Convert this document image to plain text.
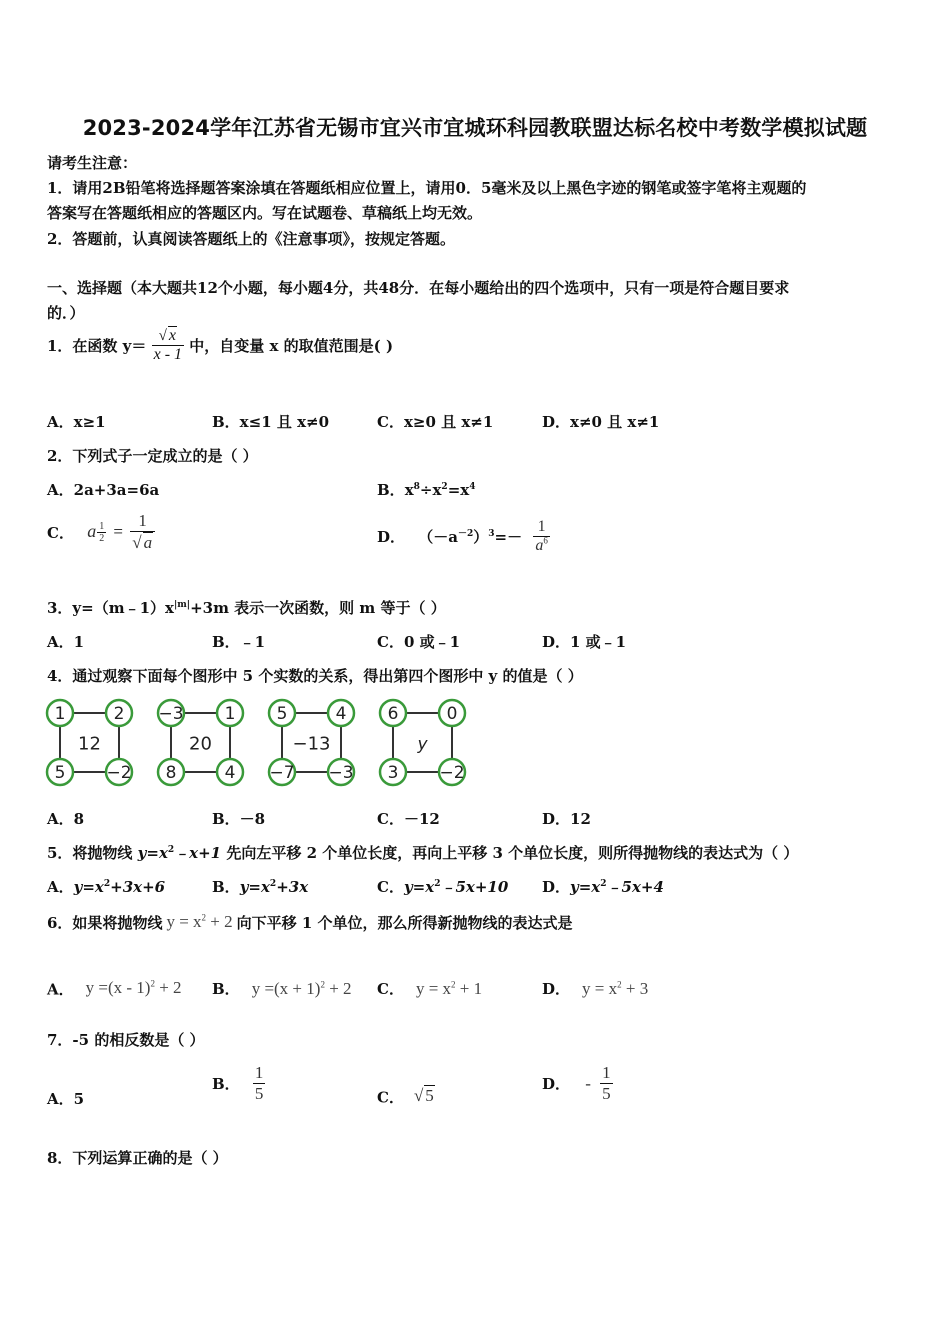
2023-2024学年江苏省无锡市宜兴市宜城环科园教联盟达标名校中考数学模拟试题
请考生注意：
1．请用2B铅笔将选择题答案涂填在答题纸相应位置上，请用0．5毫米及以上黑色字迹的钢笔或签字笔将主观题的
答案写在答题纸相应的答题区内。写在试题卷、草稿纸上均无效。
2．答题前，认真阅读答题纸上的《注意事项》，按规定答题。
一、选择题（本大题共12个小题，每小题4分，共48分．在每小题给出的四个选项中，只有一项是符合题目要求
的．）
1．在函数 $y= \frac{√ x}{x - 1}$ 中，自变量 x 的取值范围是( )
A．x≥1	B．x≤1 且 x≠0	C．x≥0 且 x≠1	D．x≠0 且 x≠1
2．下列式子一定成立的是（ ）
A．2a+3a=6a	B．$x^8\div x^2=x^4$
C． a $\frac{1}{2} = \frac{1}{√ a}$	D． $(-a^{-2})^3=- \frac{1}{a^6}$
3．$y=(m﹣1)x^{|m|}+3m$ 表示一次函数，则 m 等于（ ）
A．1	B．﹣1	C．0 或﹣1	D．1 或﹣1
4．通过观察下面每个图形中 5 个实数的关系，得出第四个图形中 y 的值是（ ）
1	2
5 −2
12
−3 1
8	4
20
5	4
−7 −3
−13
6	0
3 −2
y
A．8	B．－8	C．－12	D．12
5．将抛物线 $y=x^2﹣x+1$ 先向左平移 2 个单位长度，再向上平移 3 个单位长度，则所得抛物线的表达式为（ ）
A．$y=x^2+3x+6$	B．$y=x^2+3x$	C．$y=x^2﹣5x+10$ D．$y=x^2﹣5x+4$
6．如果将抛物线 $y = x^2 + 2$ 向下平移 1 个单位，那么所得新抛物线的表达式是
A． y =(x - 1)$^2$ + 2 B． $y =(x + 1)^2 + 2$ C． $y = x^2 + 1$	D． $y = x^2 + 3$
7．-5 的相反数是（ ）
A．5
B． $\frac{1}{5}$	C． √ 5
D． - $\frac{1}{5}$
8．下列运算正确的是（ ）
